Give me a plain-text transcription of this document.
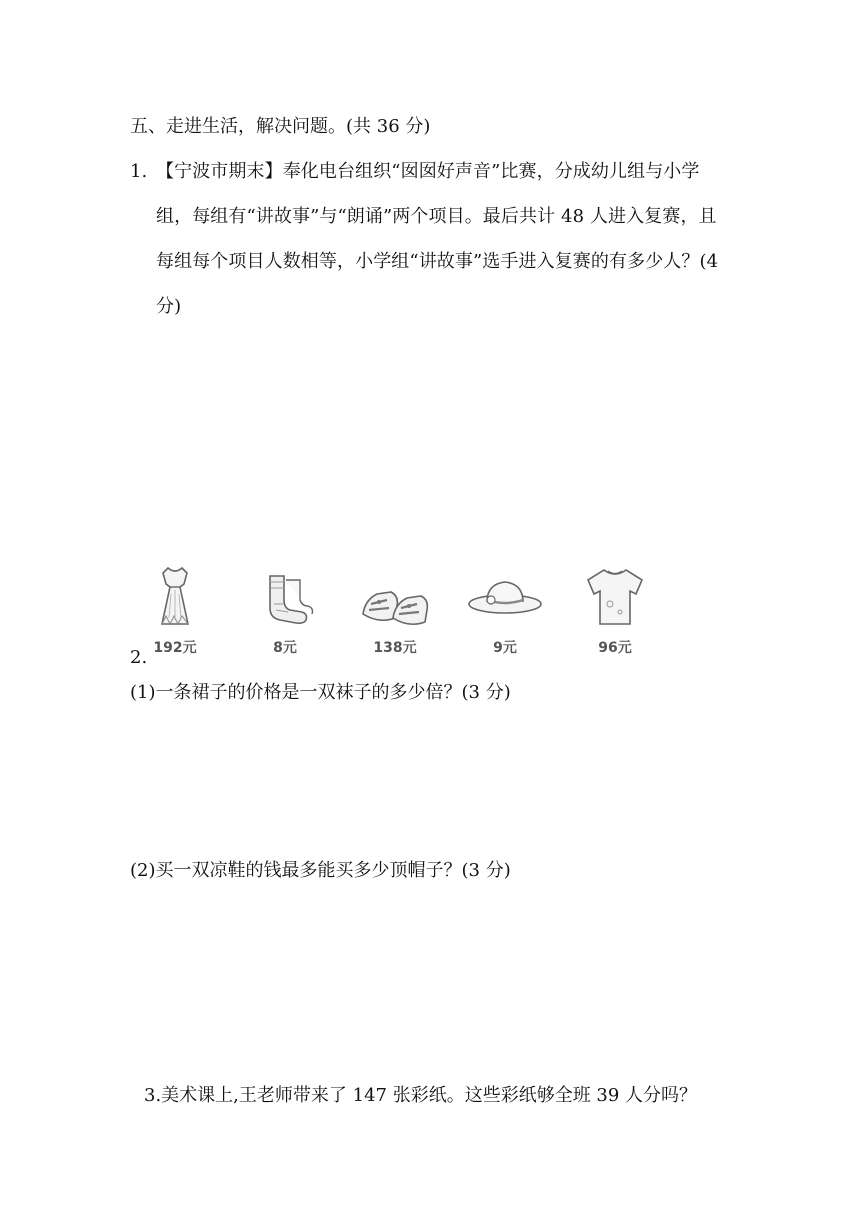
五、走进生活，解决问题。(共 36 分)
1. 【宁波市期末】奉化电台组织“囡囡好声音”比赛，分成幼儿组与小学组，每组有“讲故事”与“朗诵”两个项目。最后共计 48 人进入复赛，且每组每个项目人数相等，小学组“讲故事”选手进入复赛的有多少人？(4 分)
192元	8元	138元	9元	96元
2.
(1)一条裙子的价格是一双袜子的多少倍？(3 分)
(2)买一双凉鞋的钱最多能买多少顶帽子？(3 分)
3.美术课上,王老师带来了 147 张彩纸。这些彩纸够全班 39 人分吗？
